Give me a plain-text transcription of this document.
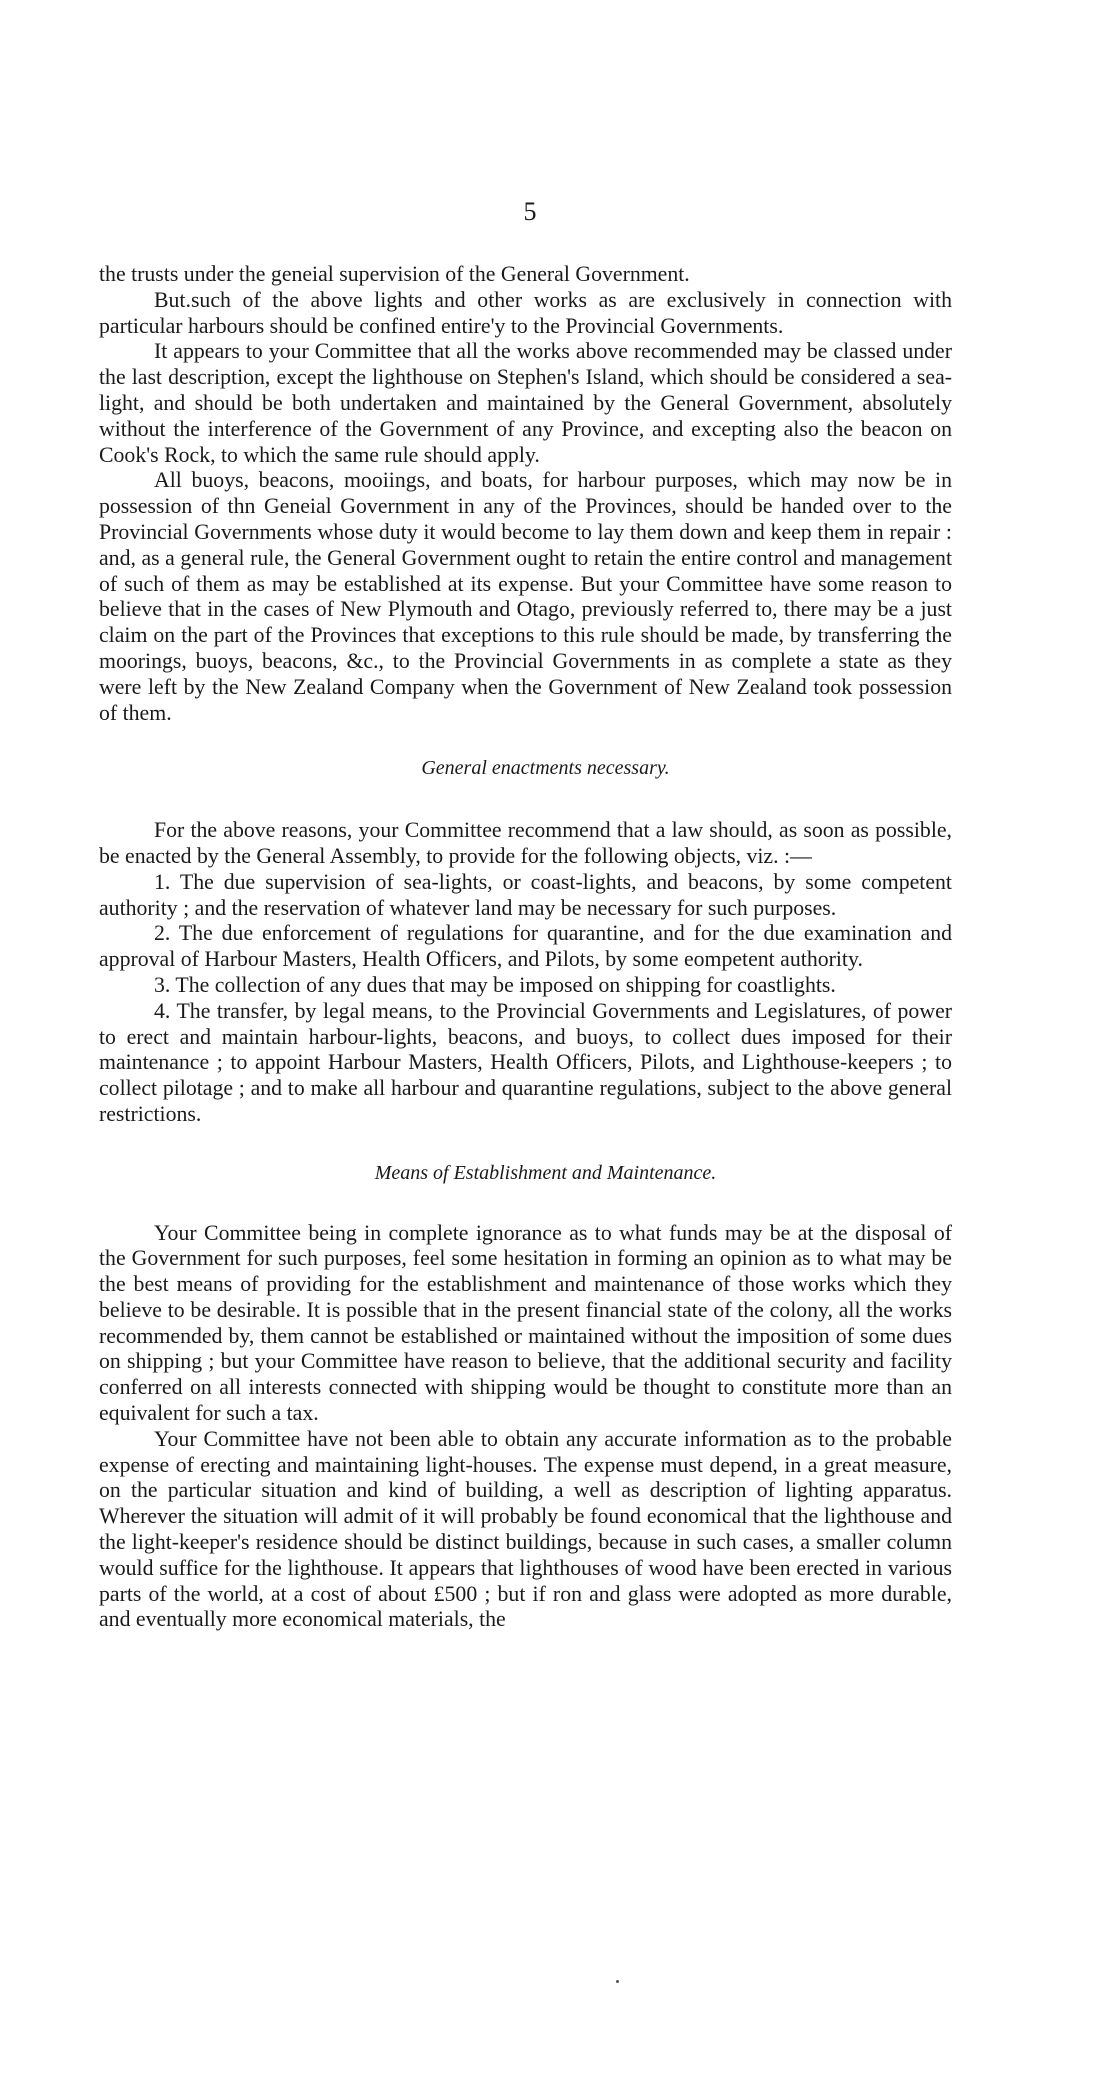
5

the trusts under the geneial supervision of the General Government.

But.such of the above lights and other works as are exclusively in connection with particular harbours should be confined entire'y to the Provincial Governments.

It appears to your Committee that all the works above recommended may be classed under the last description, except the lighthouse on Stephen's Island, which should be considered a sea-light, and should be both undertaken and maintained by the General Government, absolutely without the interference of the Government of any Province, and excepting also the beacon on Cook's Rock, to which the same rule should apply.

All buoys, beacons, mooiings, and boats, for harbour purposes, which may now be in possession of thn Geneial Government in any of the Provinces, should be handed over to the Provincial Governments whose duty it would become to lay them down and keep them in repair : and, as a general rule, the General Government ought to retain the entire control and management of such of them as may be established at its expense. But your Committee have some reason to believe that in the cases of New Plymouth and Otago, previously referred to, there may be a just claim on the part of the Provinces that exceptions to this rule should be made, by transferring the moorings, buoys, beacons, &c., to the Provincial Governments in as complete a state as they were left by the New Zealand Company when the Government of New Zealand took possession of them.

General enactments necessary.

For the above reasons, your Committee recommend that a law should, as soon as possible, be enacted by the General Assembly, to provide for the following objects, viz. :—

1. The due supervision of sea-lights, or coast-lights, and beacons, by some competent authority ; and the reservation of whatever land may be necessary for such purposes.

2. The due enforcement of regulations for quarantine, and for the due examination and approval of Harbour Masters, Health Officers, and Pilots, by some eompetent authority.

3. The collection of any dues that may be imposed on shipping for coastlights.

4. The transfer, by legal means, to the Provincial Governments and Legislatures, of power to erect and maintain harbour-lights, beacons, and buoys, to collect dues imposed for their maintenance ; to appoint Harbour Masters, Health Officers, Pilots, and Lighthouse-keepers ; to collect pilotage ; and to make all harbour and quarantine regulations, subject to the above general restrictions.

Means of Establishment and Maintenance.

Your Committee being in complete ignorance as to what funds may be at the disposal of the Government for such purposes, feel some hesitation in forming an opinion as to what may be the best means of providing for the establishment and maintenance of those works which they believe to be desirable. It is possible that in the present financial state of the colony, all the works recommended by, them cannot be established or maintained without the imposition of some dues on shipping ; but your Committee have reason to believe, that the additional security and facility conferred on all interests connected with shipping would be thought to constitute more than an equivalent for such a tax.

Your Committee have not been able to obtain any accurate information as to the probable expense of erecting and maintaining light-houses. The expense must depend, in a great measure, on the particular situation and kind of building, a well as description of lighting apparatus. Wherever the situation will admit of it will probably be found economical that the lighthouse and the light-keeper's residence should be distinct buildings, because in such cases, a smaller column would suffice for the lighthouse. It appears that lighthouses of wood have been erected in various parts of the world, at a cost of about £500 ; but if ron and glass were adopted as more durable, and eventually more economical materials, the
